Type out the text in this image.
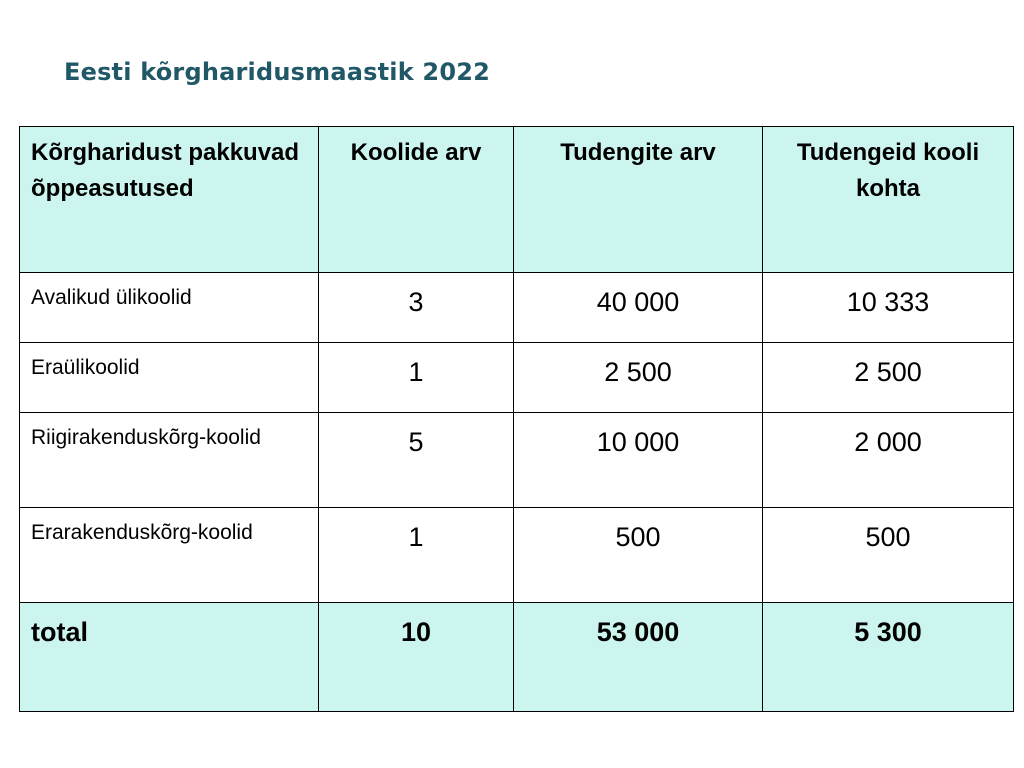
Eesti kõrgharidusmaastik 2022
Kõrgharidust pakkuvad õppeasutused	Koolide arv	Tudengite arv	Tudengeid kooli kohta
Avalikud ülikoolid	3	40 000	10 333
Eraülikoolid	1	2 500	2 500
Riigirakenduskõrg-koolid	5	10 000	2 000
Erarakenduskõrg-koolid	1	500	500
total	10	53 000	5 300
